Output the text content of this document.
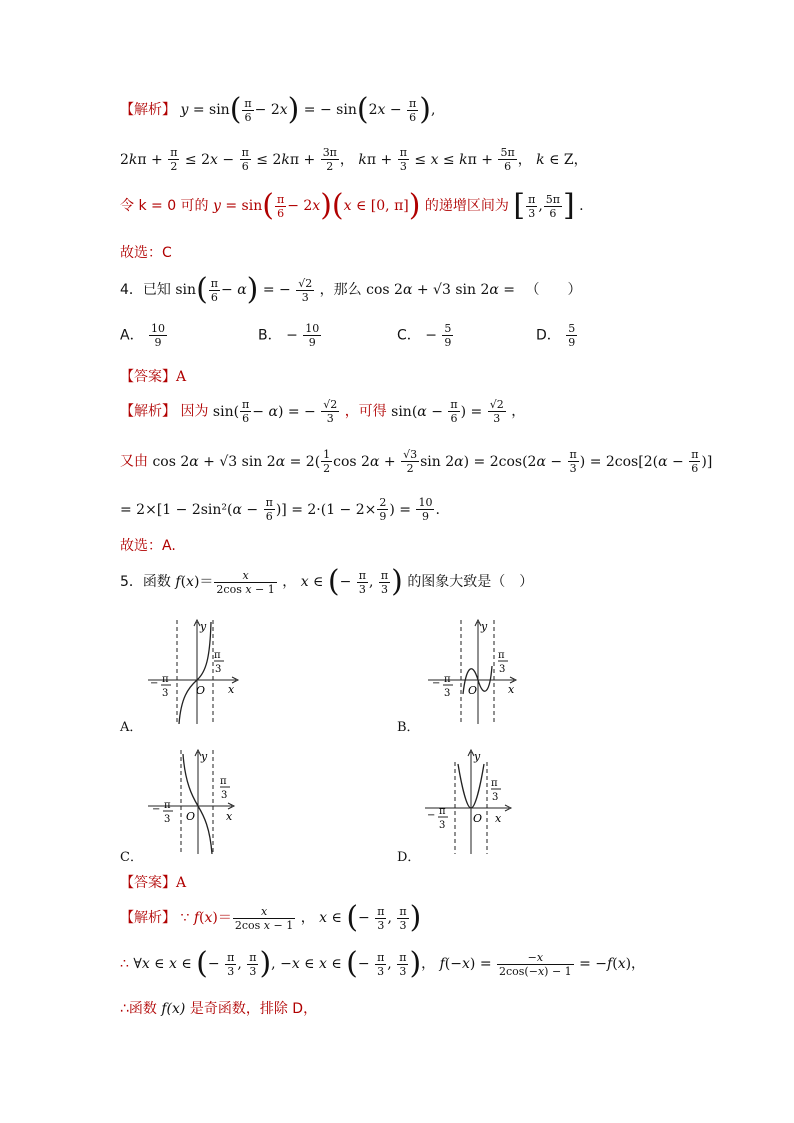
【解析】 $y = \sin( \frac{\pi}{6} - 2x)$ = − $\sin(2x - \frac{\pi}{6}$ ),
$2k\pi + \frac{\pi}{2} \le 2x - \frac{\pi}{6} \le 2k\pi + \frac{3\pi}{2}$ ， $k\pi + \frac{\pi}{3} \le x \le k\pi + \frac{5\pi}{6}$ ， k ∈ Z，
令 k = 0 可的 $y = \sin( \frac{\pi}{6} - 2x)(x$ ∈ [0, π]) 的递增区间为 [ $\frac{\pi}{3}$ , $\frac{5\pi}{6}$ ] .
故选：C
4．已知 $\sin( \frac{\pi}{6} - \alpha)$ = − $\frac{√2}{3}$ ，那么 cos 2α + √3 sin 2α = （　　）
A． $\frac{10}{9}$	B． − $\frac{10}{9}$	C． − $\frac{5}{9}$	D． $\frac{5}{9}$
【答案】A
【解析】 因为 $\sin( \frac{\pi}{6} - \alpha)$ = − $\frac{√2}{3}$ ，可得 $\sin(\alpha - \frac{\pi}{6}$ ) = $\frac{√2}{3}$ ，
又由 cos 2α + √3 $\sin 2\alpha = 2( \frac{1}{2}$ $\cos 2\alpha + \frac{√3}{2}$ $\sin 2\alpha) = 2\cos(2\alpha - \frac{\pi}{3}$ ) = $2\cos[2(\alpha - \frac{\pi}{6}$ )]
= $2\times[1 - 2\sin^2(\alpha - \frac{\pi}{6}$ )] = $2\cdot(1 - 2\times \frac{2}{9}$ ) = $\frac{10}{9}$ .
故选：A.
5．函数 $f(x)= \frac{x}{\text{2cos x − 1}}$ ， x ∈ (− $\frac{\pi}{3}$ , $\frac{\pi}{3}$ ) 的图象大致是（　）
y
x
O
π
3
− π
3
A．
y
x
O
π
3
− π
3
B．
y
x
O
π
3
− π
3
C．
y
x
O
π
3
− π
3
D．
【答案】A
【解析】 ∵ $f(x)= \frac{x}{\text{2cos x − 1}}$ ， x ∈ (− $\frac{\pi}{3}$ , $\frac{\pi}{3}$ )
∴ ∀x ∈ x ∈ (− $\frac{\pi}{3}$ , $\frac{\pi}{3}$ ), −x ∈ x ∈ (− $\frac{\pi}{3}$ , $\frac{\pi}{3}$ )， $f(-x) = \frac{-x}{2\cos(-x) - 1} = -f(x)$，
∴函数 f(x) 是奇函数，排除 D，
